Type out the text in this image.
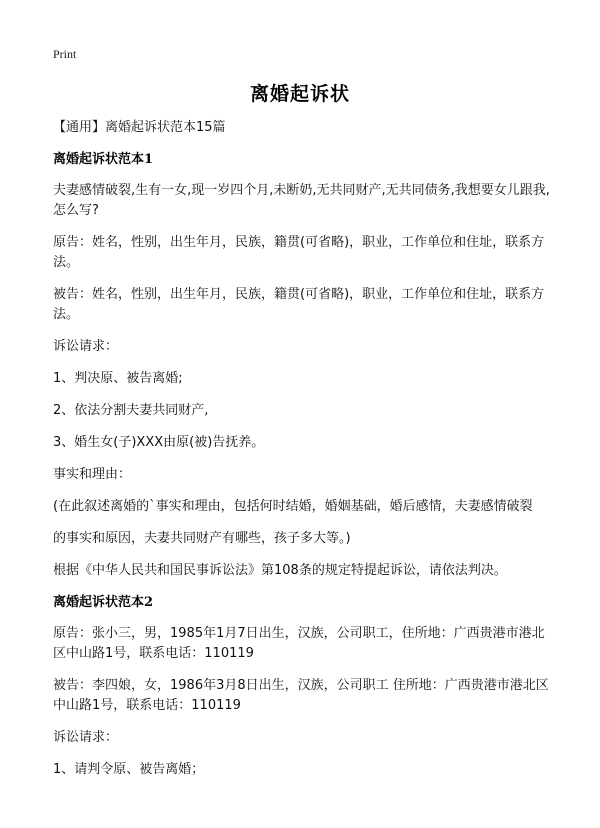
Print
离婚起诉状

【通用】离婚起诉状范本15篇

离婚起诉状范本1

夫妻感情破裂,生有一女,现一岁四个月,未断奶,无共同财产,无共同债务,我想要女儿跟我,怎么写?

原告：姓名，性别，出生年月，民族，籍贯(可省略)，职业，工作单位和住址，联系方法。

被告：姓名，性别，出生年月，民族，籍贯(可省略)，职业，工作单位和住址，联系方法。

诉讼请求：

1、判决原、被告离婚;

2、依法分割夫妻共同财产,

3、婚生女(子)XXX由原(被)告抚养。

事实和理由：

(在此叙述离婚的`事实和理由，包括何时结婚，婚姻基础，婚后感情，夫妻感情破裂

的事实和原因，夫妻共同财产有哪些，孩子多大等。)

根据《中华人民共和国民事诉讼法》第108条的规定特提起诉讼，请依法判决。

离婚起诉状范本2

原告：张小三，男，1985年1月7日出生，汉族，公司职工，住所地：广西贵港市港北区中山路1号，联系电话：110119

被告：李四娘，女，1986年3月8日出生，汉族，公司职工 住所地：广西贵港市港北区中山路1号，联系电话：110119

诉讼请求：

1、请判令原、被告离婚；
